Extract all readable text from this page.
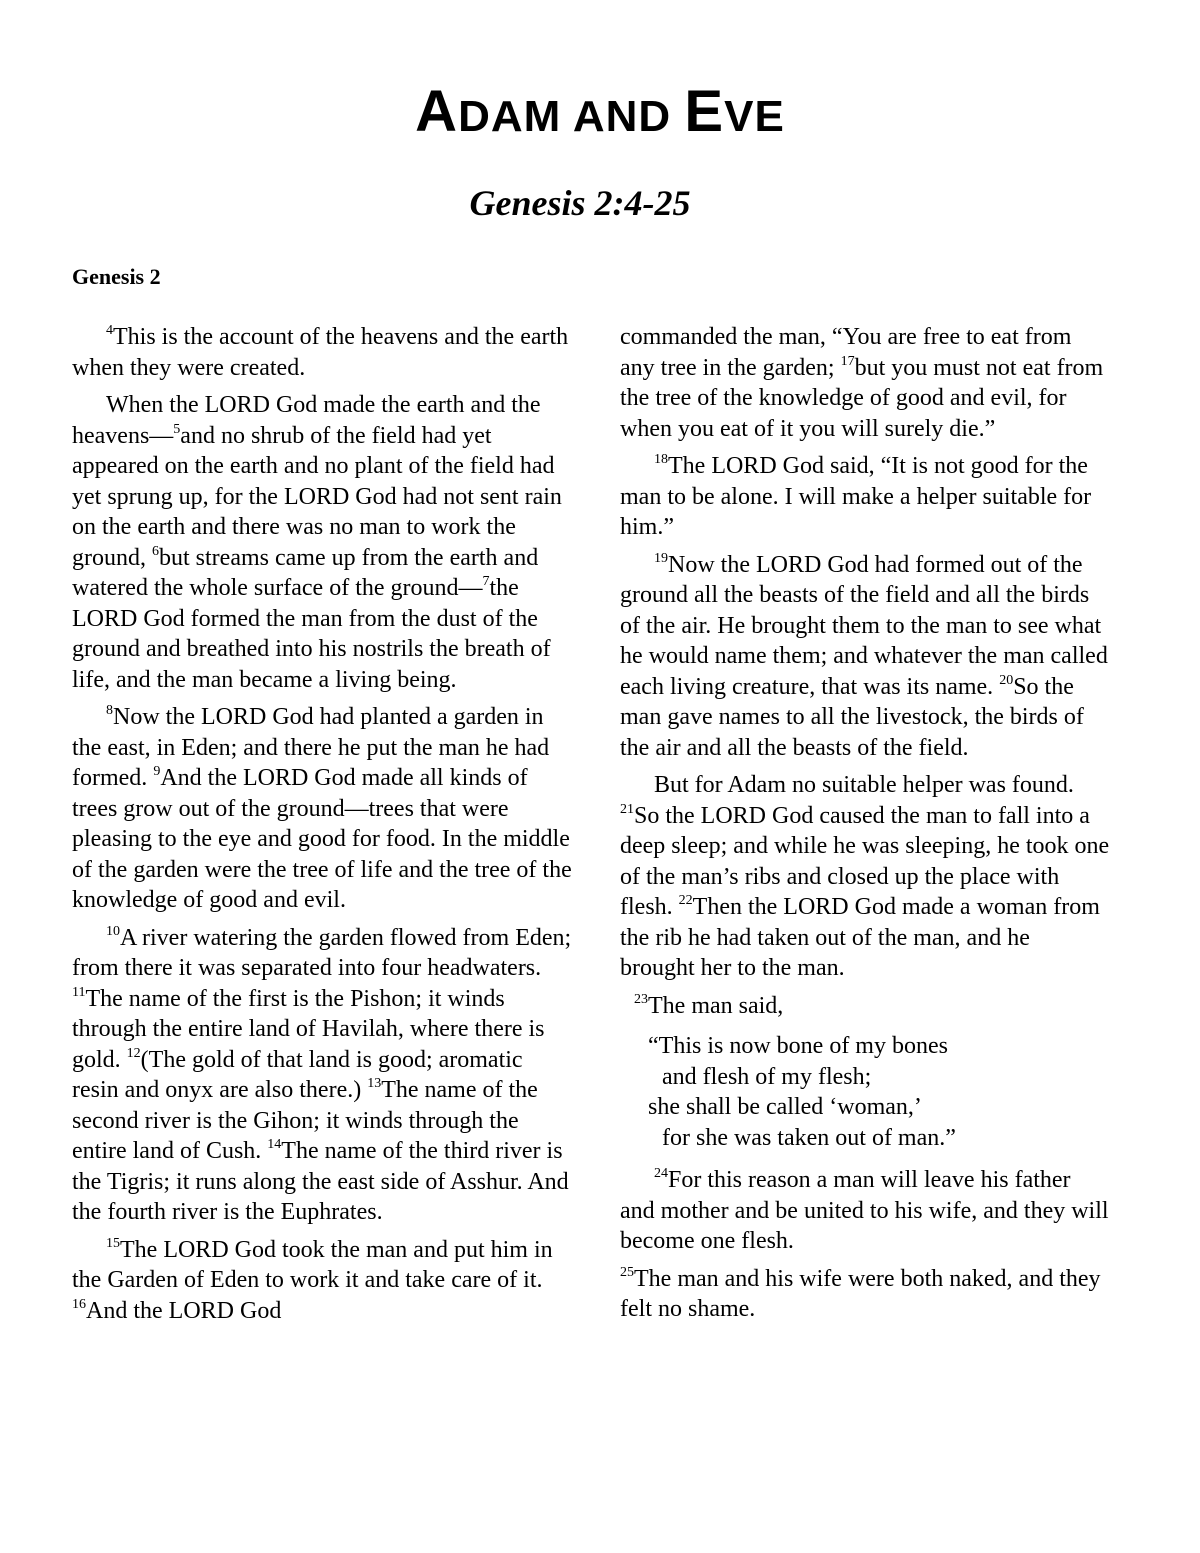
ADAM AND EVE
Genesis 2:4-25
Genesis 2

$^4$This is the account of the heavens and the earth when they were created.

When the LORD God made the earth and the heavens—$^5$and no shrub of the field had yet appeared on the earth and no plant of the field had yet sprung up, for the LORD God had not sent rain on the earth and there was no man to work the ground, $^6$but streams came up from the earth and watered the whole surface of the ground—$^7$the LORD God formed the man from the dust of the ground and breathed into his nostrils the breath of life, and the man became a living being.

$^8$Now the LORD God had planted a garden in the east, in Eden; and there he put the man he had formed. $^9$And the LORD God made all kinds of trees grow out of the ground—trees that were pleasing to the eye and good for food. In the middle of the garden were the tree of life and the tree of the knowledge of good and evil.

$^{10}$A river watering the garden flowed from Eden; from there it was separated into four headwaters. $^{11}$The name of the first is the Pishon; it winds through the entire land of Havilah, where there is gold. $^{12}$(The gold of that land is good; aromatic resin and onyx are also there.) $^{13}$The name of the second river is the Gihon; it winds through the entire land of Cush. $^{14}$The name of the third river is the Tigris; it runs along the east side of Asshur. And the fourth river is the Euphrates.

$^{15}$The LORD God took the man and put him in the Garden of Eden to work it and take care of it. $^{16}$And the LORD God

commanded the man, “You are free to eat from any tree in the garden; $^{17}$but you must not eat from the tree of the knowledge of good and evil, for when you eat of it you will surely die.”

$^{18}$The LORD God said, “It is not good for the man to be alone. I will make a helper suitable for him.”

$^{19}$Now the LORD God had formed out of the ground all the beasts of the field and all the birds of the air. He brought them to the man to see what he would name them; and whatever the man called each living creature, that was its name. $^{20}$So the man gave names to all the livestock, the birds of the air and all the beasts of the field.

But for Adam no suitable helper was found. $^{21}$So the LORD God caused the man to fall into a deep sleep; and while he was sleeping, he took one of the man’s ribs and closed up the place with flesh. $^{22}$Then the LORD God made a woman from the rib he had taken out of the man, and he brought her to the man.

$^{23}$The man said,

“This is now bone of my bones
and flesh of my flesh;
she shall be called ‘woman,’
for she was taken out of man.”

$^{24}$For this reason a man will leave his father and mother and be united to his wife, and they will become one flesh.

$^{25}$The man and his wife were both naked, and they felt no shame.
